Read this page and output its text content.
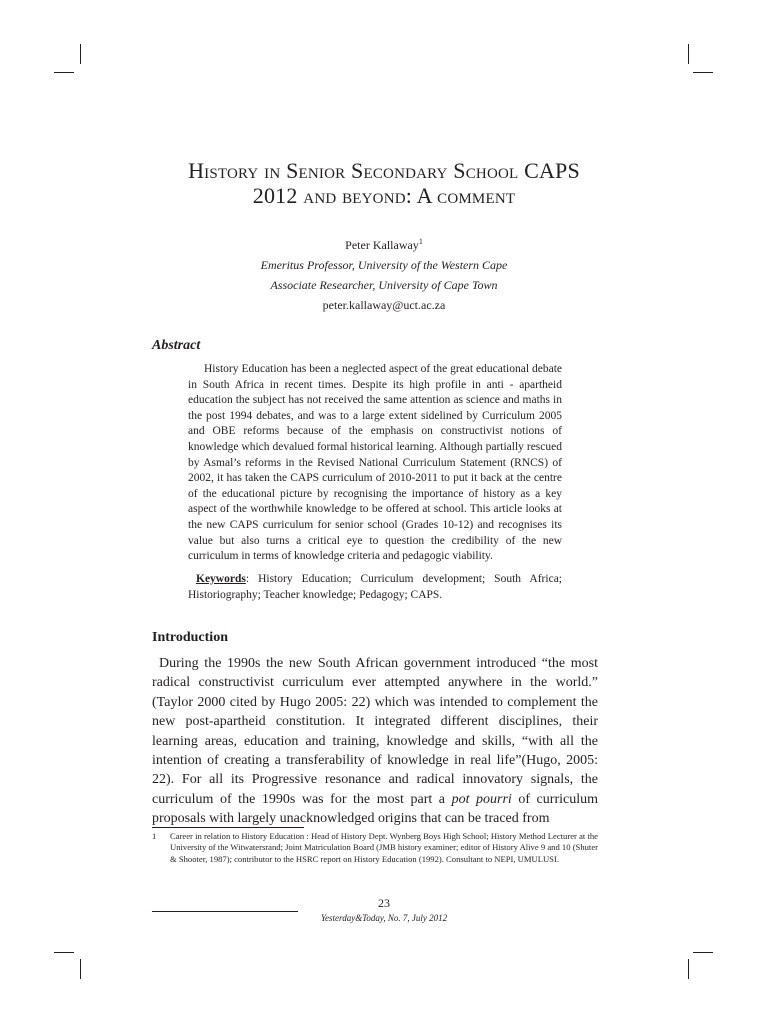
History in Senior Secondary School CAPS
2012 and beyond: A comment
Peter Kallaway$^1$
Emeritus Professor, University of the Western Cape
Associate Researcher, University of Cape Town
peter.kallaway@uct.ac.za
Abstract
History Education has been a neglected aspect of the great educational debate in South Africa in recent times. Despite its high profile in anti - apartheid education the subject has not received the same attention as science and maths in the post 1994 debates, and was to a large extent sidelined by Curriculum 2005 and OBE reforms because of the emphasis on constructivist notions of knowledge which devalued formal historical learning. Although partially rescued by Asmal’s reforms in the Revised National Curriculum Statement (RNCS) of 2002, it has taken the CAPS curriculum of 2010-2011 to put it back at the centre of the educational picture by recognising the importance of history as a key aspect of the worthwhile knowledge to be offered at school. This article looks at the new CAPS curriculum for senior school (Grades 10-12) and recognises its value but also turns a critical eye to question the credibility of the new curriculum in terms of knowledge criteria and pedagogic viability.
Keywords: History Education; Curriculum development; South Africa; Historiography; Teacher knowledge; Pedagogy; CAPS.
Introduction
During the 1990s the new South African government introduced “the most radical constructivist curriculum ever attempted anywhere in the world.” (Taylor 2000 cited by Hugo 2005: 22) which was intended to complement the new post-apartheid constitution. It integrated different disciplines, their learning areas, education and training, knowledge and skills, “with all the intention of creating a transferability of knowledge in real life”(Hugo, 2005: 22). For all its Progressive resonance and radical innovatory signals, the curriculum of the 1990s was for the most part a pot pourri of curriculum proposals with largely unacknowledged origins that can be traced from
1	Career in relation to History Education : Head of History Dept. Wynberg Boys High School; History Method Lecturer at the University of the Witwatersrand; Joint Matriculation Board (JMB history examiner; editor of History Alive 9 and 10 (Shuter & Shooter, 1987); contributor to the HSRC report on History Education (1992). Consultant to NEPI, UMULUSI.
23
Yesterday&Today, No. 7, July 2012
